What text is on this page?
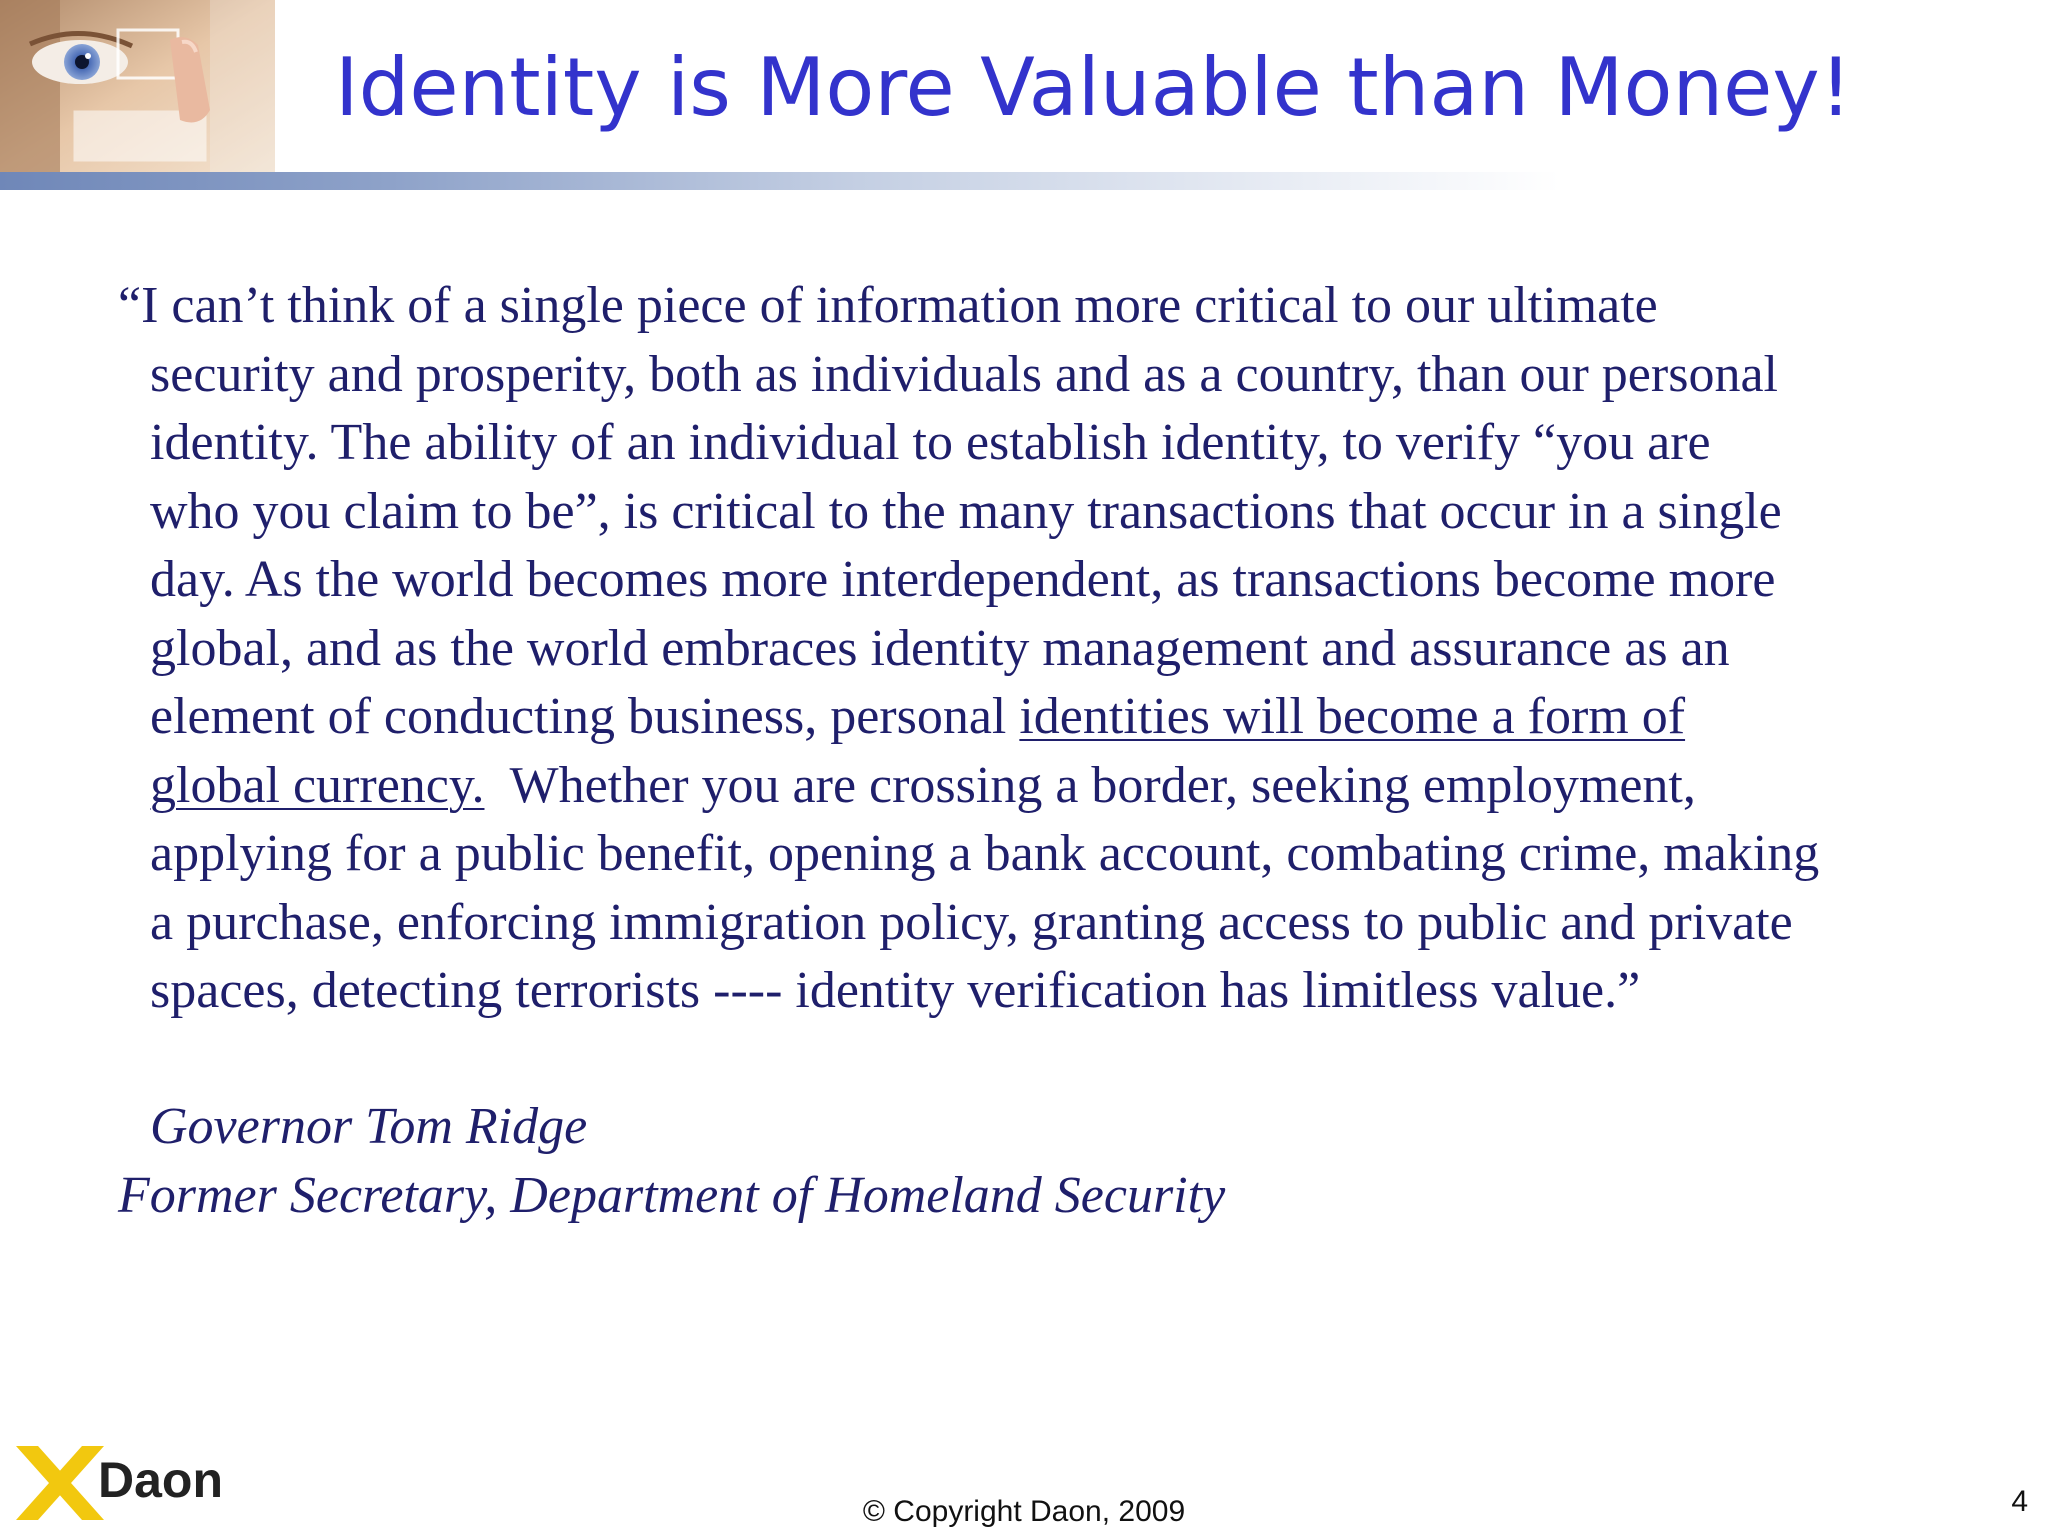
Identity is More Valuable than Money!

“I can’t think of a single piece of information more critical to our ultimate
security and prosperity, both as individuals and as a country, than our personal
identity. The ability of an individual to establish identity, to verify “you are
who you claim to be”, is critical to the many transactions that occur in a single
day. As the world becomes more interdependent, as transactions become more
global, and as the world embraces identity management and assurance as an
element of conducting business, personal identities will become a form of
global currency.  Whether you are crossing a border, seeking employment,
applying for a public benefit, opening a bank account, combating crime, making
a purchase, enforcing immigration policy, granting access to public and private
spaces, detecting terrorists ---- identity verification has limitless value.”

Governor Tom Ridge
Former Secretary, Department of Homeland Security

Daon
© Copyright Daon, 2009	4
